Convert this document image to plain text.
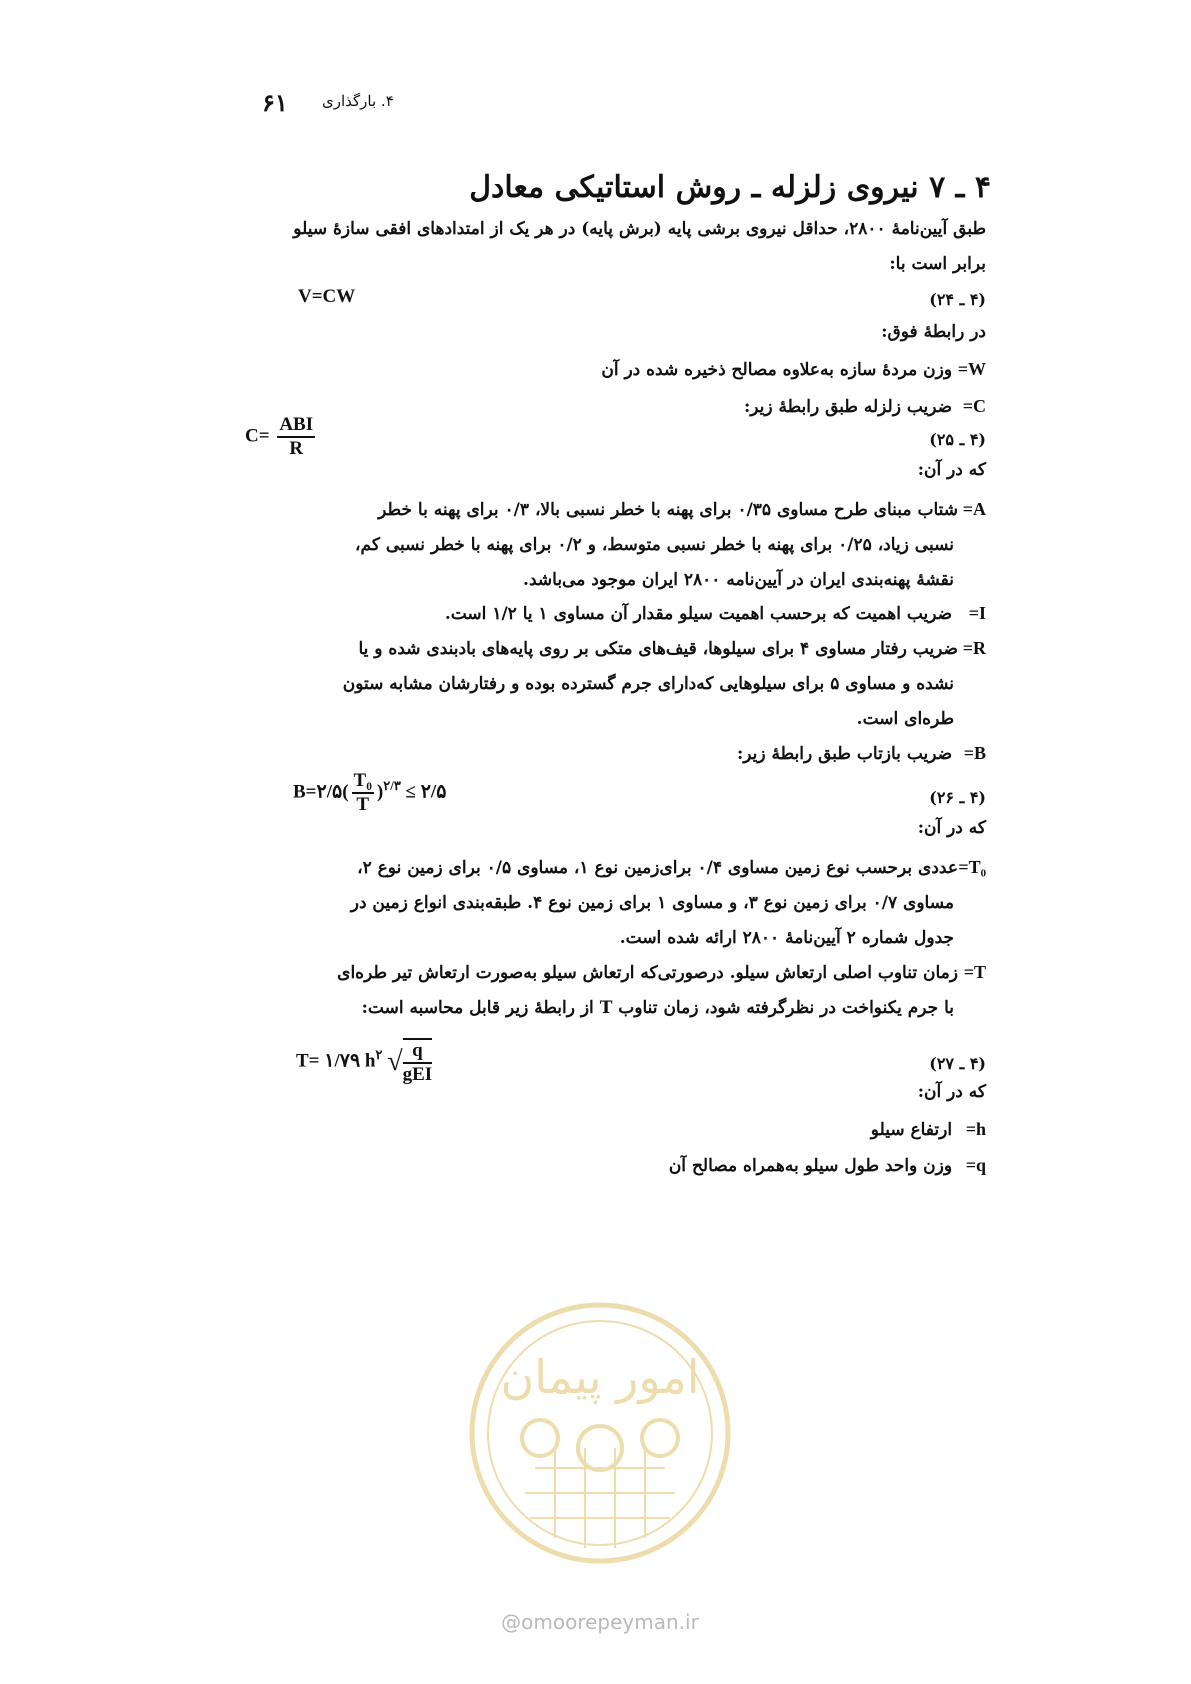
۶۱ ۴. بارگذاری
۴ ـ ۷ نیروی زلزله ـ روش استاتیکی معادل
طبق آیین‌نامهٔ ۲۸۰۰، حداقل نیروی برشی پایه (برش پایه) در هر یک از امتدادهای افقی سازهٔ سیلو
برابر است با:
V=CW	(۴ ـ ۲۴)
در رابطهٔ فوق:
W= وزن مردهٔ سازه به‌علاوه مصالح ذخیره شده در آن
C= ضریب زلزله طبق رابطهٔ زیر:
$C= \frac{\text{ABI}}{R}$	(۴ ـ ۲۵)
که در آن:
A=شتاب مبنای طرح مساوی ۰/۳۵ برای پهنه با خطر نسبی بالا، ۰/۳ برای پهنه با خطر
نسبی زیاد، ۰/۲۵ برای پهنه با خطر نسبی متوسط، و ۰/۲ برای پهنه با خطر نسبی کم،
نقشهٔ پهنه‌بندی ایران در آیین‌نامه ۲۸۰۰ ایران موجود می‌باشد.
I= ضریب اهمیت که برحسب اهمیت سیلو مقدار آن مساوی ۱ یا ۱/۲ است.
R=ضریب رفتار مساوی ۴ برای سیلوها، قیف‌های متکی بر روی پایه‌های بادبندی شده و یا
نشده و مساوی ۵ برای سیلوهایی که‌دارای جرم گسترده بوده و رفتارشان مشابه ستون
طره‌ای است.
B= ضریب بازتاب طبق رابطهٔ زیر:
B=۲/۵( $\frac{\text{T₀}}{T} )^{۲/۳}$ ≤ ۲/۵	(۴ ـ ۲۶)
که در آن:
T₀=عددی برحسب نوع زمین مساوی ۰/۴ برای‌زمین نوع ۱، مساوی ۰/۵ برای زمین نوع ۲،
مساوی ۰/۷ برای زمین نوع ۳، و مساوی ۱ برای زمین نوع ۴. طبقه‌بندی انواع زمین در
جدول شماره ۲ آیین‌نامهٔ ۲۸۰۰ ارائه شده است.
T=زمان تناوب اصلی ارتعاش سیلو. درصورتی‌که ارتعاش سیلو به‌صورت ارتعاش تیر طره‌ای
با جرم یکنواخت در نظرگرفته شود، زمان تناوب T از رابطهٔ زیر قابل محاسبه است:
T= ۱/۷۹ $h^۲$ √ $\frac{q}{\text{gEI}}$	(۴ ـ ۲۷)
که در آن:
h= ارتفاع سیلو
q= وزن واحد طول سیلو به‌همراه مصالح آن
امور پیمان
@omoorepeyman.ir
